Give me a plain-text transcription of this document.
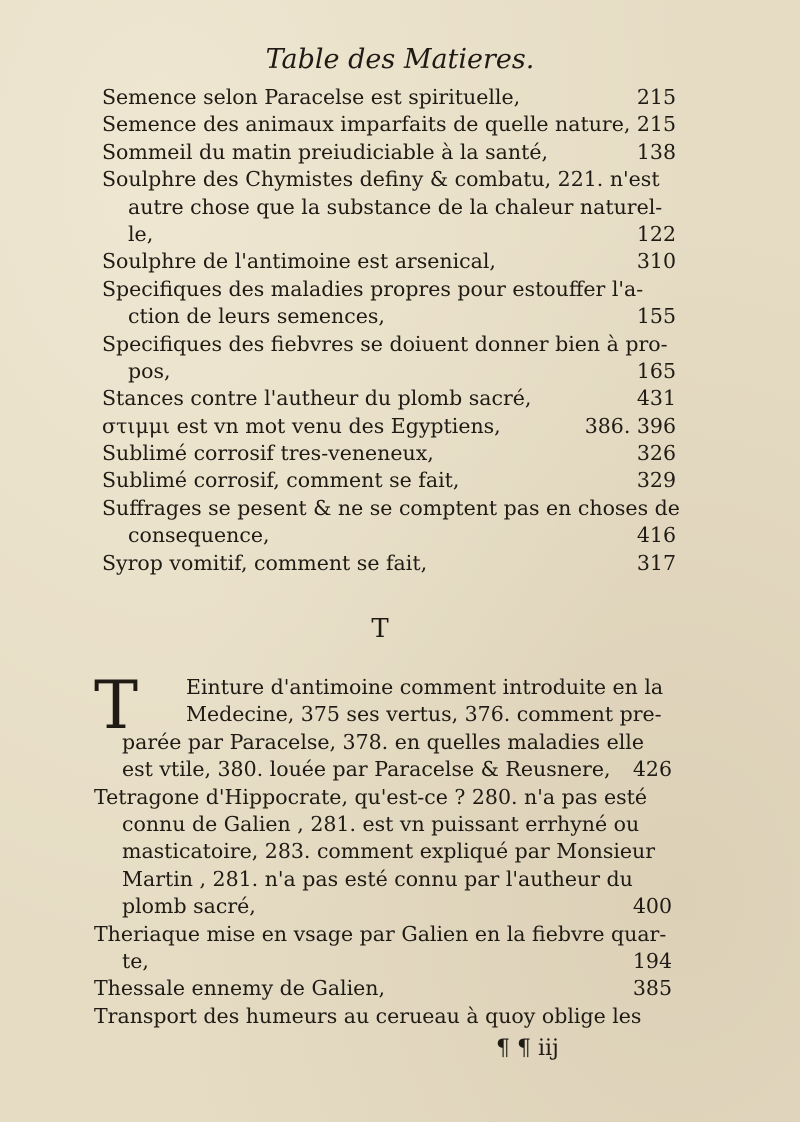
Table des Matieres.
Semence selon Paracelse est spirituelle,	215
Semence des animaux imparfaits de quelle nature, 215
Sommeil du matin preiudiciable à la santé,	138
Soulphre des Chymistes definy & combatu, 221. n'est
autre chose que la substance de la chaleur naturel-
le,	122
Soulphre de l'antimoine est arsenical,	310
Specifiques des maladies propres pour estouffer l'a-
ction de leurs semences,	155
Specifiques des fiebvres se doiuent donner bien à pro-
pos,	165
Stances contre l'autheur du plomb sacré,	431
στιμμι est vn mot venu des Egyptiens,	386. 396
Sublimé corrosif tres-veneneux,	326
Sublimé corrosif, comment se fait,	329
Suffrages se pesent & ne se comptent pas en choses de
consequence,	416
Syrop vomitif, comment se fait,	317
T
T	Einture d'antimoine comment introduite en la
Medecine, 375 ses vertus, 376. comment pre-
parée par Paracelse, 378. en quelles maladies elle
est vtile, 380. louée par Paracelse & Reusnere, 426
Tetragone d'Hippocrate, qu'est-ce ? 280. n'a pas esté
connu de Galien , 281. est vn puissant errhyné ou
masticatoire, 283. comment expliqué par Monsieur
Martin , 281. n'a pas esté connu par l'autheur du
plomb sacré,	400
Theriaque mise en vsage par Galien en la fiebvre quar-
te,	194
Thessale ennemy de Galien,	385
Transport des humeurs au cerueau à quoy oblige les
¶ ¶ iij
